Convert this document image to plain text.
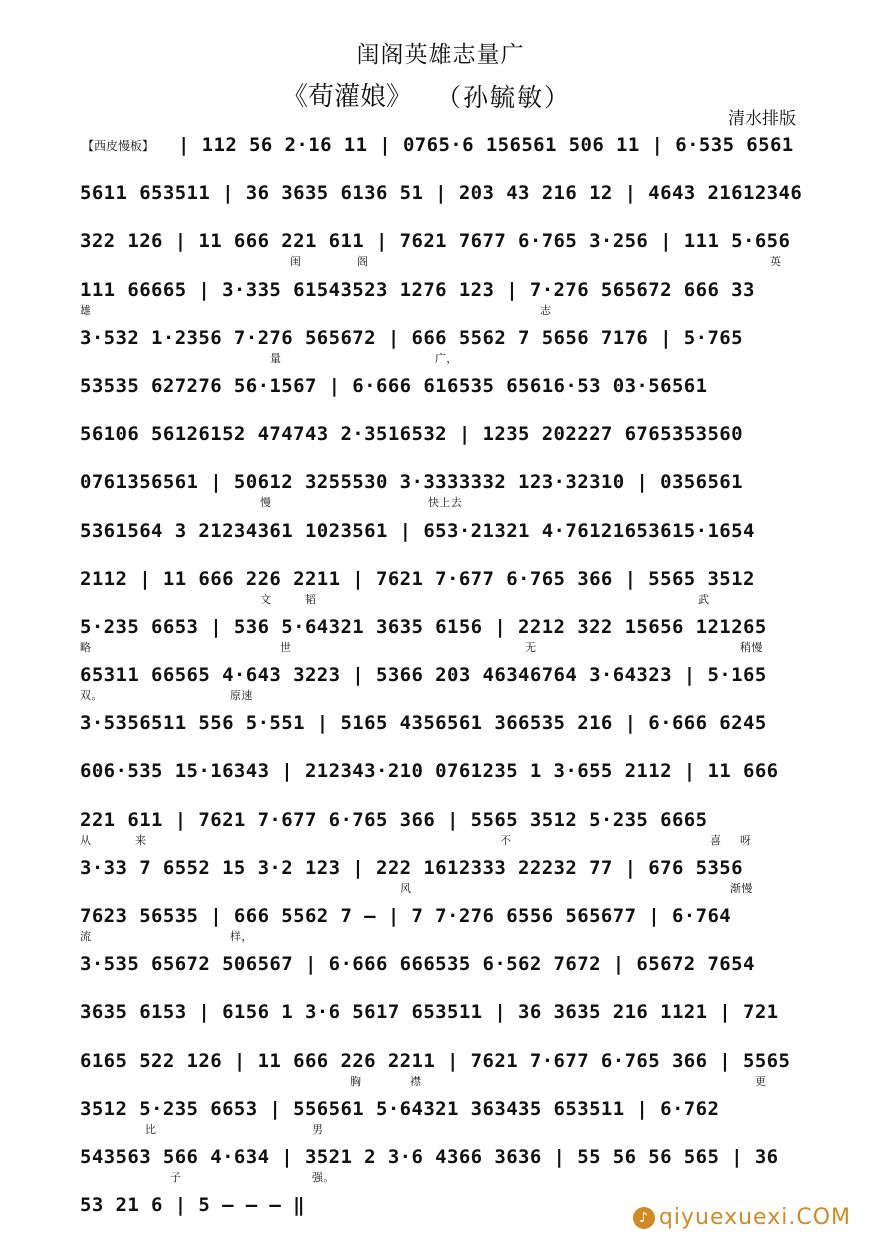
闺阁英雄志量广
《荀灌娘》 （孙毓敏）
清水排版
【西皮慢板】	| 112 56 2·16 11 | 0765·6 156561 506 11 | 6·535 6561
5611 653511 | 36 3635 6136 51 | 203 43 216 12 | 4643 21612346
322 126 | 11 666 221 611 | 7621 7677 6·765 3·256 | 111 5·656
闺	阁	英
111 66665 | 3·335 61543523 1276 123 | 7·276 565672 666 33
雄	志
3·532 1·2356 7·276 565672 | 666 5562 7 5656 7176 | 5·765
量	广，
53535 627276 56·1567 | 6·666 616535 65616·53 03·56561
56106 56126152 474743 2·3516532 | 1235 202227 6765353560
0761356561 | 50612 3255530 3·3333332 123·32310 | 0356561
慢	快上去
5361564 3 21234361 1023561 | 653·21321 4·76121653615·1654
2112 | 11 666 226 2211 | 7621 7·677 6·765 366 | 5565 3512
文	韬	武
5·235 6653 | 536 5·64321 3635 6156 | 2212 322 15656 121265
略	世	无	稍慢
65311 66565 4·643 3223 | 5366 203 46346764 3·64323 | 5·165
双。	原速
3·5356511 556 5·551 | 5165 4356561 366535 216 | 6·666 6245
606·535 15·16343 | 212343·210 0761235 1 3·655 2112 | 11 666
221 611 | 7621 7·677 6·765 366 | 5565 3512 5·235 6665
从	来	不	喜 呀
3·33 7 6552 15 3·2 123 | 222 1612333 22232 77 | 676 5356
风	渐慢
7623 56535 | 666 5562 7 — | 7 7·276 6556 565677 | 6·764
流	样，
3·535 65672 506567 | 6·666 666535 6·562 7672 | 65672 7654
3635 6153 | 6156 1 3·6 5617 653511 | 36 3635 216 1121 | 721
6165 522 126 | 11 666 226 2211 | 7621 7·677 6·765 366 | 5565
胸	襟	更
3512 5·235 6653 | 556561 5·64321 363435 653511 | 6·762
比	男
543563 566 4·634 | 3521 2 3·6 4366 3636 | 55 56 56 565 | 36
子	强。
53 21 6 | 5 — — — ‖
♪ qiyuexuexi.COM
